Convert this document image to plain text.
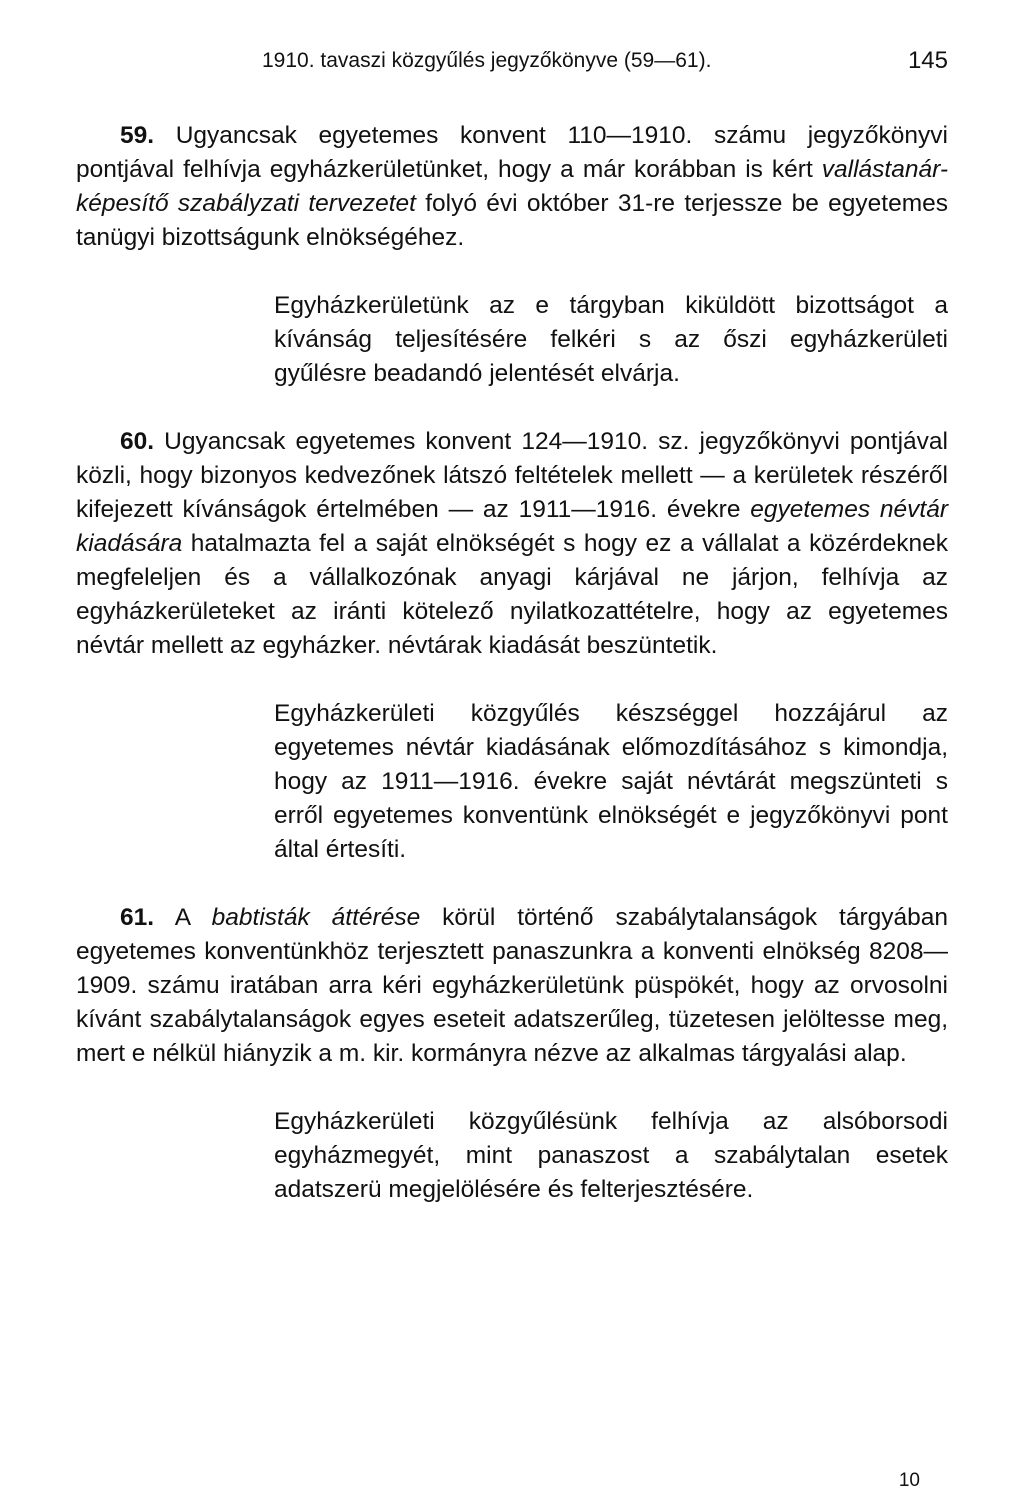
1910. tavaszi közgyűlés jegyzőkönyve (59—61).	145

59. Ugyancsak egyetemes konvent 110—1910. számu jegyzőkönyvi pontjával felhívja egyházkerületünket, hogy a már korábban is kért vallástanár-képesítő szabályzati tervezetet folyó évi október 31-re terjessze be egyetemes tanügyi bizottságunk elnökségéhez.

Egyházkerületünk az e tárgyban kiküldött bizottságot a kívánság teljesítésére felkéri s az őszi egyházkerületi gyűlésre beadandó jelentését elvárja.

60. Ugyancsak egyetemes konvent 124—1910. sz. jegyzőkönyvi pontjával közli, hogy bizonyos kedvezőnek látszó feltételek mellett — a kerületek részéről kifejezett kívánságok értelmében — az 1911—1916. évekre egyetemes névtár kiadására hatalmazta fel a saját elnökségét s hogy ez a vállalat a közérdeknek megfeleljen és a vállalkozónak anyagi kárjával ne járjon, felhívja az egyházkerületeket az iránti kötelező nyilatkozattételre, hogy az egyetemes névtár mellett az egyházker. névtárak kiadását beszüntetik.

Egyházkerületi közgyűlés készséggel hozzájárul az egyetemes névtár kiadásának előmozdításához s kimondja, hogy az 1911—1916. évekre saját névtárát megszünteti s erről egyetemes konventünk elnökségét e jegyzőkönyvi pont által értesíti.

61. A babtisták áttérése körül történő szabálytalanságok tárgyában egyetemes konventünkhöz terjesztett panaszunkra a konventi elnökség 8208—1909. számu iratában arra kéri egyházkerületünk püspökét, hogy az orvosolni kívánt szabálytalanságok egyes eseteit adatszerűleg, tüzetesen jelöltesse meg, mert e nélkül hiányzik a m. kir. kormányra nézve az alkalmas tárgyalási alap.

Egyházkerületi közgyűlésünk felhívja az alsóborsodi egyházmegyét, mint panaszost a szabálytalan esetek adatszerü megjelölésére és felterjesztésére.

10
